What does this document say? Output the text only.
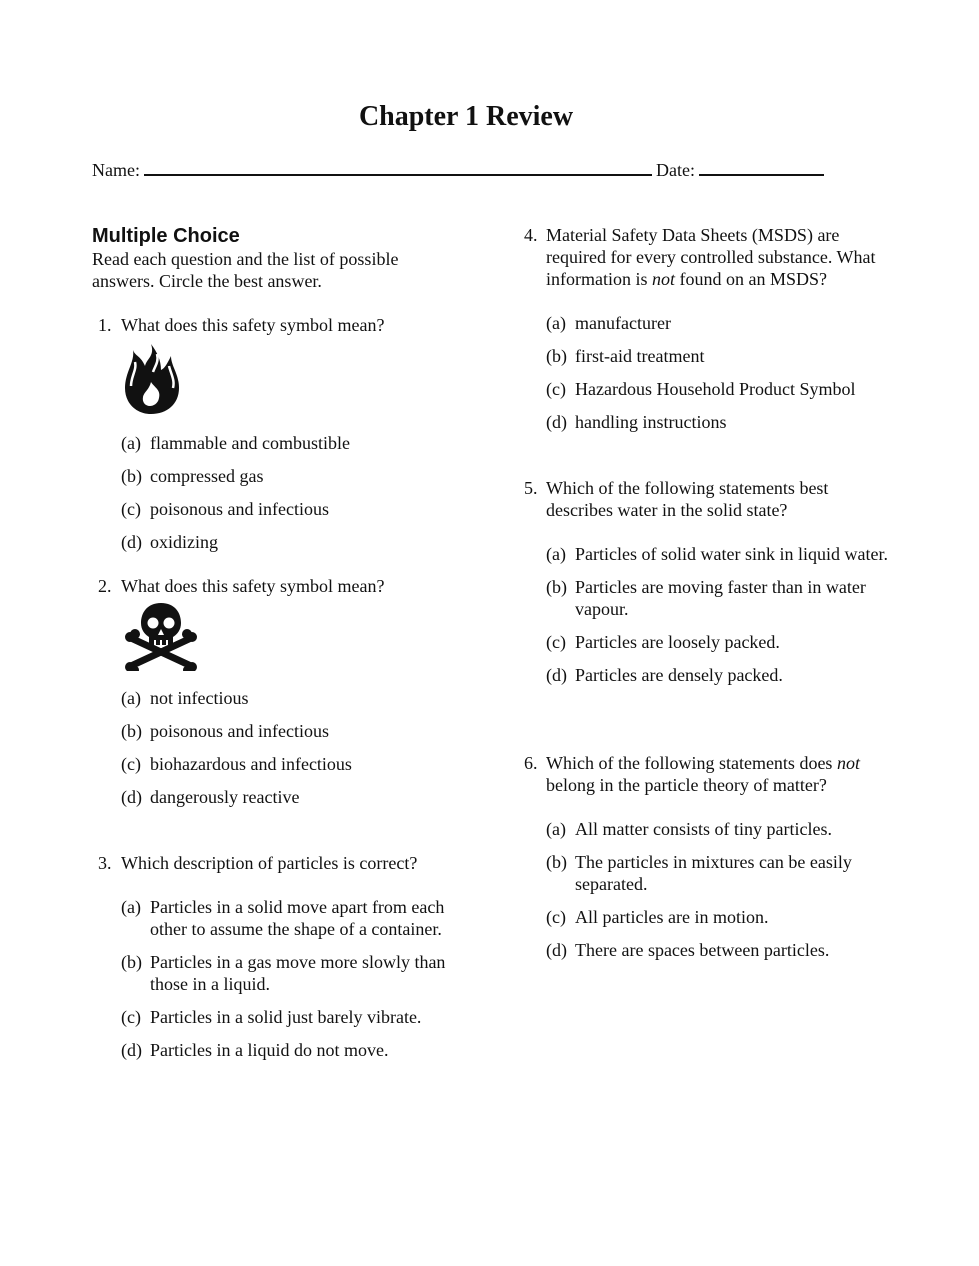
Chapter 1 Review
Name:	Date:
Multiple Choice

Read each question and the list of possible answers. Circle the best answer.

1. What does this safety symbol mean?
(a) flammable and combustible
(b) compressed gas
(c) poisonous and infectious
(d) oxidizing
2. What does this safety symbol mean?
(a) not infectious
(b) poisonous and infectious
(c) biohazardous and infectious
(d) dangerously reactive
3. Which description of particles is correct?
(a) Particles in a solid move apart from each other to assume the shape of a container.
(b) Particles in a gas move more slowly than those in a liquid.
(c) Particles in a solid just barely vibrate.
(d) Particles in a liquid do not move.
4. Material Safety Data Sheets (MSDS) are required for every controlled substance. What information is not found on an MSDS?
(a) manufacturer
(b) first-aid treatment
(c) Hazardous Household Product Symbol
(d) handling instructions
5. Which of the following statements best describes water in the solid state?
(a) Particles of solid water sink in liquid water.
(b) Particles are moving faster than in water vapour.
(c) Particles are loosely packed.
(d) Particles are densely packed.
6. Which of the following statements does not belong in the particle theory of matter?
(a) All matter consists of tiny particles.
(b) The particles in mixtures can be easily separated.
(c) All particles are in motion.
(d) There are spaces between particles.
